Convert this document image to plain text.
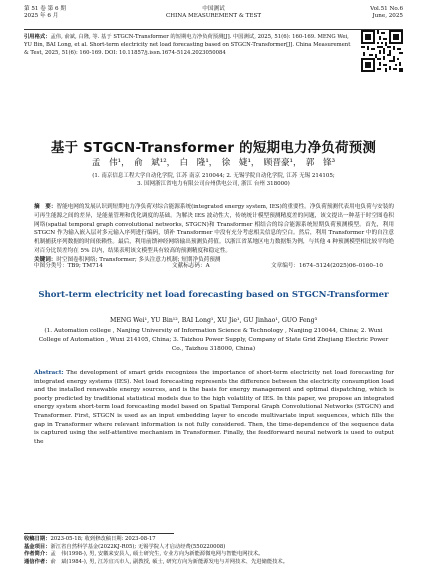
第 51 卷 第 6 期
2025 年 6 月
中国测试
CHINA MEASUREMENT & TEST
Vol.51 No.6
June, 2025
引用格式：孟伟, 俞斌, 白隆, 等. 基于 STGCN-Transformer 的短期电力净负荷预测[J]. 中国测试, 2025, 51(6): 160-169. MENG Wei, YU Bin, BAI Long, et al. Short-term electricity net load forecasting based on STGCN-Transformer[J]. China Measurement & Test, 2025, 51(6): 160-169. DOI: 10.11857/j.issn.1674-5124.2023050084
基于 STGCN-Transformer 的短期电力净负荷预测
孟　伟¹，　俞　斌¹²，　白　隆¹，　徐　婕¹，　顾晋豪¹，　郭　锋³
(1. 南京信息工程大学自动化学院, 江苏 南京 210044; 2. 无锡学院自动化学院, 江苏 无锡 214105;
3. 国网浙江省电力有限公司台州供电公司, 浙江 台州 318000)
摘　要：智能电网的发展认识到短期电力净负荷对综合能源系统(integrated energy system, IES)的重要性。净负荷预测代表用电负荷与安装的可再生能源之间的差异，是能量管理和优化调度的基础。为解决 IES 波动性大，传统统计模型预测精度差的问题，该文提出一种基于时空图卷积网络(spatial temporal graph convolutional networks, STGCN)和 Transformer 相结合的综合能源系统短期负荷预测模型。首先，利用 STGCN 作为输入嵌入层对多元输入序列进行编码，填补 Transformer 中没有充分考虑相关信息的空白。然后，利用 Transformer 中的自注意机制捕获序列数据的时间依赖性。最后，利用前馈神经网络输出预测负荷值。以浙江省某地区电力数据集为例，与其他 4 种预测模型相比较平均绝对百分比误差均在 5% 以内，结果表明该文模型具有较高的预测精度和稳定性。
关键词：时空图卷积网络; Transformer; 多头注意力机制; 短期净负荷预测
中图分类号：TB9; TM714	文献标志码：A	文章编号：1674–5124(2025)06–0160–10
Short-term electricity net load forecasting based on STGCN-Transformer
MENG Wei¹, YU Bin¹², BAI Long¹, XU Jie¹, GU Jinhao¹, GUO Feng³
(1. Automation college , Nanjing University of Information Science & Technology , Nanjing 210044, China; 2. Wuxi College of Automation , Wuxi 214105, China; 3. Taizhou Power Supply, Company of State Grid Zhejiang Electric Power Co., Taizhou 318000, China)
Abstract: The development of smart grids recognizes the importance of short-term electricity net load forecasting for integrated energy systems (IES). Net load forecasting represents the difference between the electricity consumption load and the installed renewable energy sources, and is the basis for energy management and optimal dispatching, which is poorly predicted by traditional statistical models due to the high volatility of IES. In this paper, we propose an integrated energy system short-term load forecasting model based on Spatial Temporal Graph Convolutional Networks (STGCN) and Transformer. First, STGCN is used as an input embedding layer to encode multivariate input sequences, which fills the gap in Transformer where relevant information is not fully considered. Then, the time-dependence of the sequence data is captured using the self-attentive mechanism in Transformer. Finally, the feedforward neural network is used to output the
收稿日期：2023-05-18; 收到修改稿日期: 2023-08-17
基金项目：浙江省自然科学基金(2022KJ-R05); 无锡学院人才启动经费(550220008)
作者简介：孟　伟(1998-), 男, 安徽来安县人, 硕士研究生, 专业方向为新能源微电网与智能电网技术。
通信作者：俞　斌(1984-), 男, 江苏宜兴市人, 副教授, 硕士, 研究方向为新能源发电与并网技术、先进储能技术。
